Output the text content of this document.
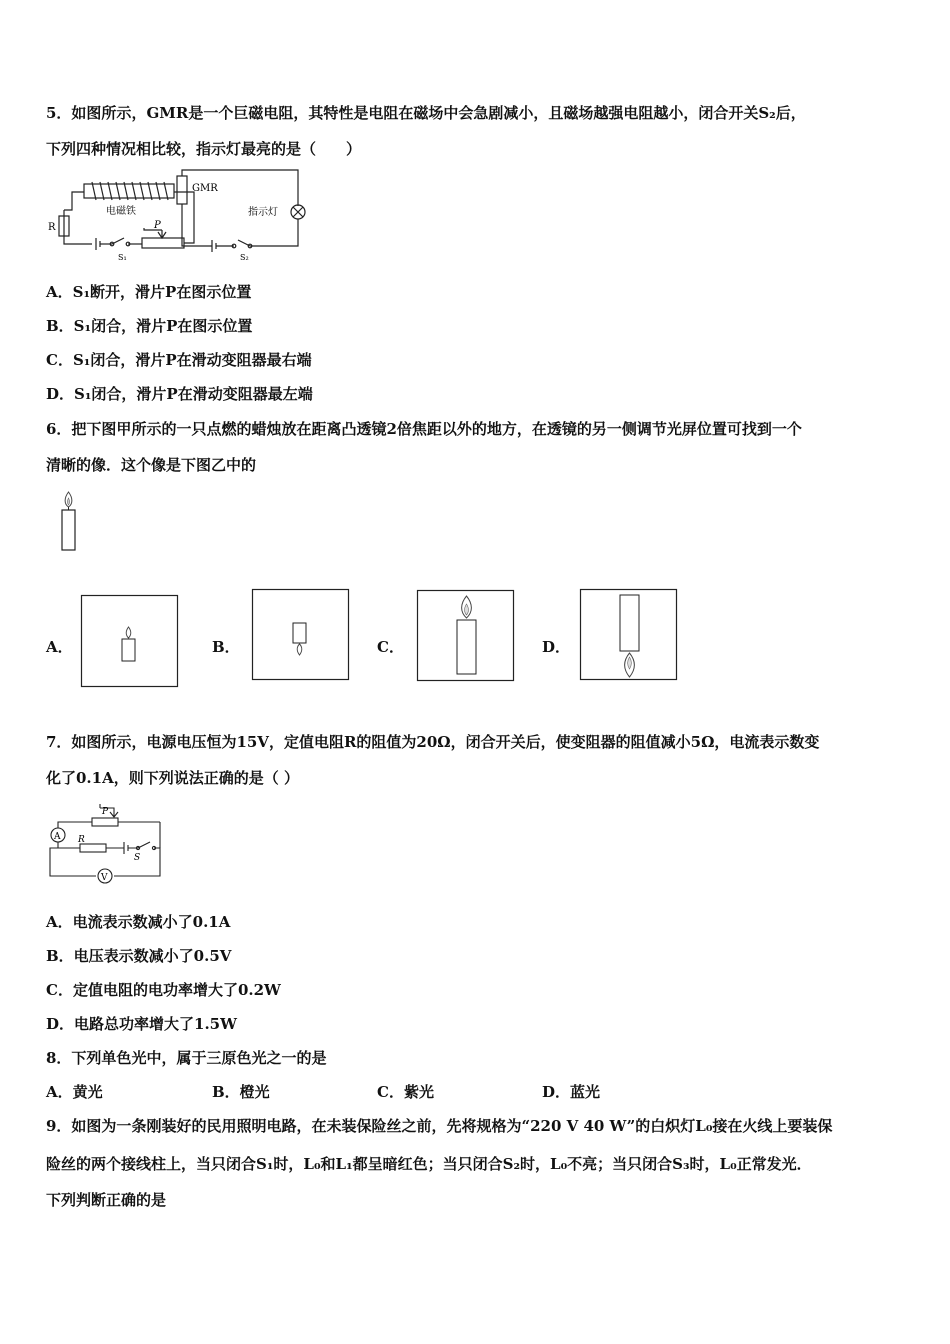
5．如图所示，GMR是一个巨磁电阻，其特性是电阻在磁场中会急剧减小，且磁场越强电阻越小，闭合开关S₂后，
下列四种情况相比较，指示灯最亮的是（　　）
GMR
电磁铁	指示灯
R	P
S₁	S₂
A．S₁断开，滑片P在图示位置
B．S₁闭合，滑片P在图示位置
C．S₁闭合，滑片P在滑动变阻器最右端
D．S₁闭合，滑片P在滑动变阻器最左端
6．把下图甲所示的一只点燃的蜡烛放在距离凸透镜2倍焦距以外的地方，在透镜的另一侧调节光屏位置可找到一个
清晰的像．这个像是下图乙中的
A．	B．	C．	D．
7．如图所示，电源电压恒为15V，定值电阻R的阻值为20Ω，闭合开关后，使变阻器的阻值减小5Ω，电流表示数变
化了0.1A，则下列说法正确的是（ ）
P
A R
S
V
A．电流表示数减小了0.1A
B．电压表示数减小了0.5V
C．定值电阻的电功率增大了0.2W
D．电路总功率增大了1.5W
8．下列单色光中，属于三原色光之一的是
A．黄光	B．橙光	C．紫光	D．蓝光
9．如图为一条刚装好的民用照明电路，在未装保险丝之前，先将规格为“220 V 40 W”的白炽灯L₀接在火线上要装保
险丝的两个接线柱上，当只闭合S₁时，L₀和L₁都呈暗红色；当只闭合S₂时，L₀不亮；当只闭合S₃时，L₀正常发光．
下列判断正确的是
